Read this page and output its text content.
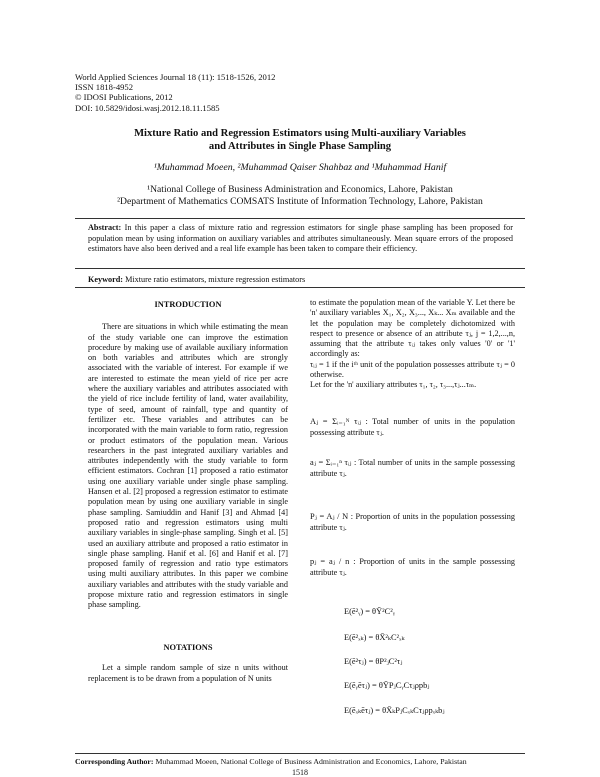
World Applied Sciences Journal 18 (11): 1518-1526, 2012
ISSN 1818-4952
© IDOSI Publications, 2012
DOI: 10.5829/idosi.wasj.2012.18.11.1585
Mixture Ratio and Regression Estimators using Multi-auxiliary Variables
and Attributes in Single Phase Sampling
¹Muhammad Moeen, ²Muhammad Qaiser Shahbaz and ¹Muhammad Hanif
¹National College of Business Administration and Economics, Lahore, Pakistan
²Department of Mathematics COMSATS Institute of Information Technology, Lahore, Pakistan
Abstract: In this paper a class of mixture ratio and regression estimators for single phase sampling has been proposed for population mean by using information on auxiliary variables and attributes simultaneously. Mean square errors of the proposed estimators have also been derived and a real life example has been taken to compare their efficiency.
Keyword: Mixture ratio estimators, mixture regression estimators
INTRODUCTION

There are situations in which while estimating the mean of the study variable one can improve the estimation procedure by making use of available auxiliary information on both variables and attributes which are strongly associated with the variable of interest. For example if we are interested to estimate the mean yield of rice per acre where the auxiliary variables and attributes associated with the yield of rice include fertility of land, water availability, type of seed, amount of rainfall, type and quantity of fertilizer etc. These variables and attributes can be incorporated with the main variable to form ratio, regression or product estimators of the population mean. Various researchers in the past integrated auxiliary variables and attributes independently with the study variable to form efficient estimators. Cochran [1] proposed a ratio estimator using one auxiliary variable under single phase sampling. Hansen et al. [2] proposed a regression estimator to estimate population mean by using one auxiliary variable in single phase sampling. Samiuddin and Hanif [3] and Ahmad [4] proposed ratio and regression estimators using multi auxiliary variables in single-phase sampling. Singh et al. [5] used an auxiliary attribute and proposed a ratio estimator in single phase sampling. Hanif et al. [6] and Hanif et al. [7] proposed family of regression and ratio type estimators using multi auxiliary attributes. In this paper we combine auxiliary variables and attributes with the study variable and propose mixture ratio and regression estimators in single phase sampling.

NOTATIONS

Let a simple random sample of size n units without replacement is to be drawn from a population of N units

to estimate the population mean of the variable Y. Let there be 'n' auxiliary variables X₁, X₂, X₃..., Xₖ... Xₘ available and the let the population may be completely dichotomized with respect to presence or absence of an attribute τⱼ, j = 1,2,...,n, assuming that the attribute τᵢⱼ takes only values '0' or '1' accordingly as:

τᵢⱼ = 1 if the iᵗʰ unit of the population possesses attribute τⱼ = 0 otherwise.

Let for the 'n' auxiliary attributes τ₁, τ₂, τ₃...,τⱼ...τₘ.

Aⱼ = Σᵢ₌₁ᴺ τᵢⱼ : Total number of units in the population possessing attribute τⱼ.
aⱼ = Σᵢ₌₁ⁿ τᵢⱼ : Total number of units in the sample possessing attribute τⱼ.
Pⱼ = Aⱼ / N : Proportion of units in the population possessing attribute τⱼ.
pⱼ = aⱼ / n : Proportion of units in the sample possessing attribute τⱼ.
E(ē²ᵧ) = θȲ²C²ᵧ
E(ē²ₓₖ) = θX̄²ₖC²ₓₖ
E(ē²τⱼ) = θP²ⱼC²τⱼ
E(ēᵧēτⱼ) = θȲPⱼCᵧCτⱼρpbⱼ
E(ēₓₖēτⱼ) = θX̄ₖPⱼCₓₖCτⱼρpₓₖbⱼ
Corresponding Author: Muhammad Moeen, National College of Business Administration and Economics, Lahore, Pakistan
1518
